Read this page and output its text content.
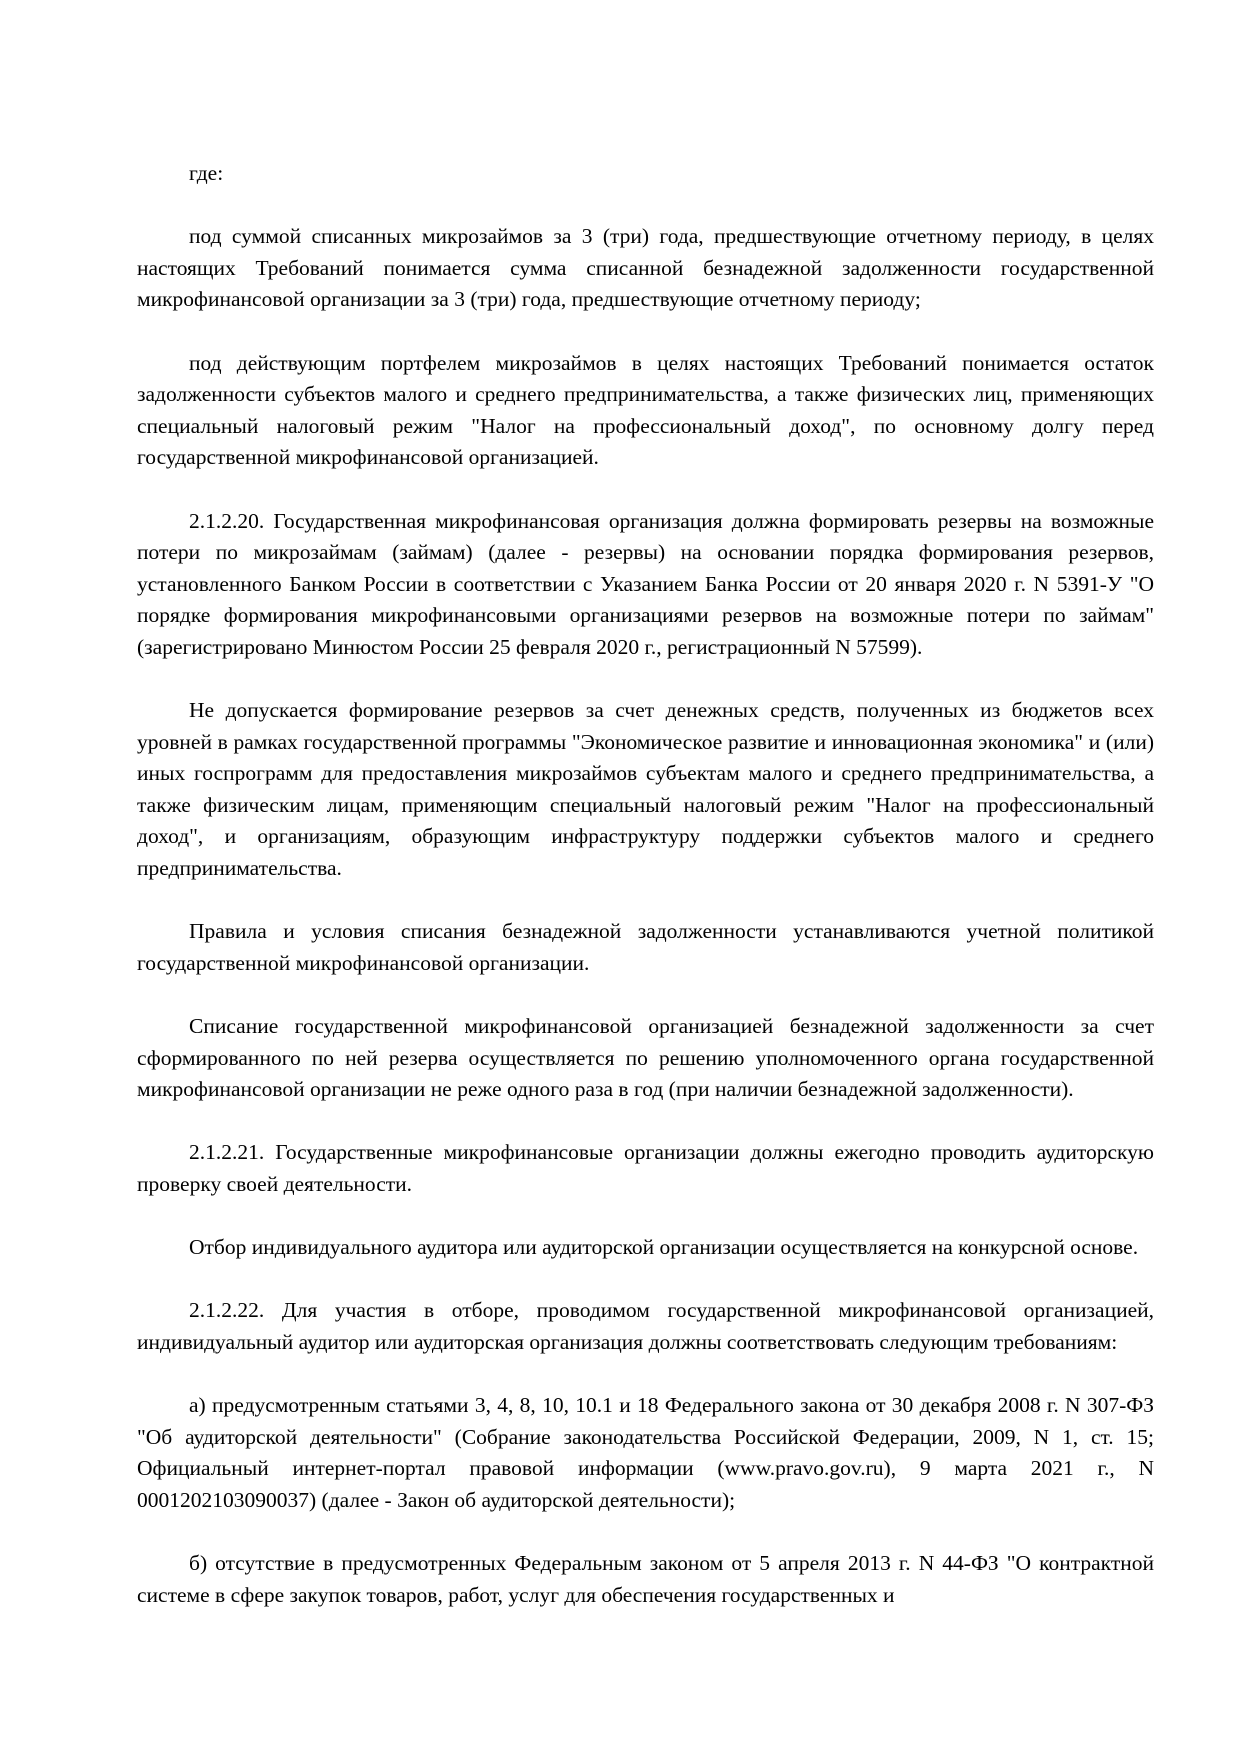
где:

под суммой списанных микрозаймов за 3 (три) года, предшествующие отчетному периоду, в целях настоящих Требований понимается сумма списанной безнадежной задолженности государственной микрофинансовой организации за 3 (три) года, предшествующие отчетному периоду;

под действующим портфелем микрозаймов в целях настоящих Требований понимается остаток задолженности субъектов малого и среднего предпринимательства, а также физических лиц, применяющих специальный налоговый режим "Налог на профессиональный доход", по основному долгу перед государственной микрофинансовой организацией.

2.1.2.20. Государственная микрофинансовая организация должна формировать резервы на возможные потери по микрозаймам (займам) (далее - резервы) на основании порядка формирования резервов, установленного Банком России в соответствии с Указанием Банка России от 20 января 2020 г. N 5391-У "О порядке формирования микрофинансовыми организациями резервов на возможные потери по займам" (зарегистрировано Минюстом России 25 февраля 2020 г., регистрационный N 57599).

Не допускается формирование резервов за счет денежных средств, полученных из бюджетов всех уровней в рамках государственной программы "Экономическое развитие и инновационная экономика" и (или) иных госпрограмм для предоставления микрозаймов субъектам малого и среднего предпринимательства, а также физическим лицам, применяющим специальный налоговый режим "Налог на профессиональный доход", и организациям, образующим инфраструктуру поддержки субъектов малого и среднего предпринимательства.

Правила и условия списания безнадежной задолженности устанавливаются учетной политикой государственной микрофинансовой организации.

Списание государственной микрофинансовой организацией безнадежной задолженности за счет сформированного по ней резерва осуществляется по решению уполномоченного органа государственной микрофинансовой организации не реже одного раза в год (при наличии безнадежной задолженности).

2.1.2.21. Государственные микрофинансовые организации должны ежегодно проводить аудиторскую проверку своей деятельности.

Отбор индивидуального аудитора или аудиторской организации осуществляется на конкурсной основе.

2.1.2.22. Для участия в отборе, проводимом государственной микрофинансовой организацией, индивидуальный аудитор или аудиторская организация должны соответствовать следующим требованиям:

а) предусмотренным статьями 3, 4, 8, 10, 10.1 и 18 Федерального закона от 30 декабря 2008 г. N 307-ФЗ "Об аудиторской деятельности" (Собрание законодательства Российской Федерации, 2009, N 1, ст. 15; Официальный интернет-портал правовой информации (www.pravo.gov.ru), 9 марта 2021 г., N 0001202103090037) (далее - Закон об аудиторской деятельности);

б) отсутствие в предусмотренных Федеральным законом от 5 апреля 2013 г. N 44-ФЗ "О контрактной системе в сфере закупок товаров, работ, услуг для обеспечения государственных и
